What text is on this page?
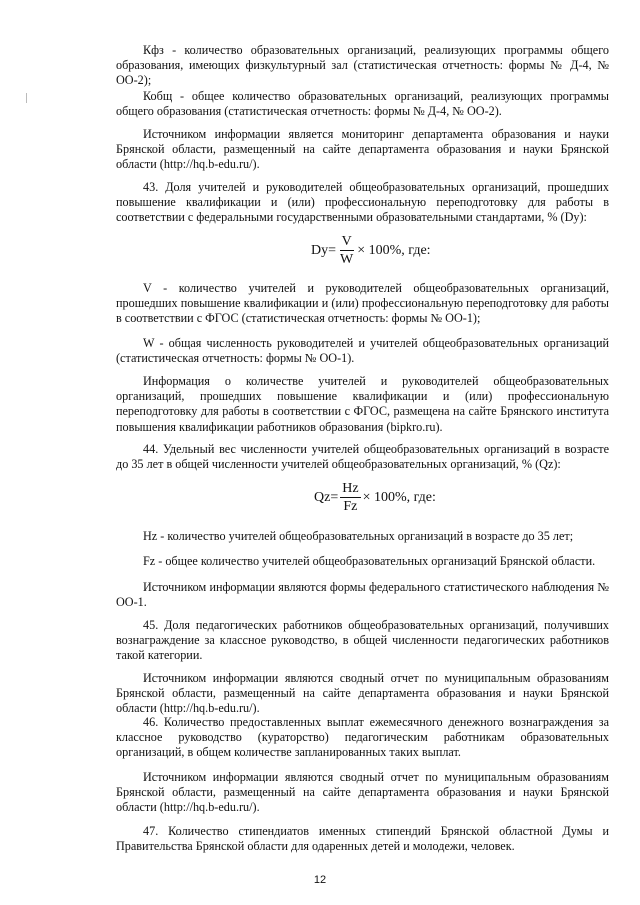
Кфз - количество образовательных организаций, реализующих программы общего образования, имеющих физкультурный зал (статистическая отчетность: формы № Д-4, № ОО-2);

Кобщ - общее количество образовательных организаций, реализующих программы общего образования (статистическая отчетность: формы № Д-4, № ОО-2).

Источником информации является мониторинг департамента образования и науки Брянской области, размещенный на сайте департамента образования и науки Брянской области (http://hq.b-edu.ru/).

43. Доля учителей и руководителей общеобразовательных организаций, прошедших повышение квалификации и (или) профессиональную переподготовку для работы в соответствии с федеральными государственными образовательными стандартами, % (Dy):

$Dy= \frac{V}{W} \times 100\%$, где:

V - количество учителей и руководителей общеобразовательных организаций, прошедших повышение квалификации и (или) профессиональную переподготовку для работы в соответствии с ФГОС (статистическая отчетность: формы № ОО-1);

W - общая численность руководителей и учителей общеобразовательных организаций (статистическая отчетность: формы № ОО-1).

Информация о количестве учителей и руководителей общеобразовательных организаций, прошедших повышение квалификации и (или) профессиональную переподготовку для работы в соответствии с ФГОС, размещена на сайте Брянского института повышения квалификации работников образования (bipkro.ru).

44. Удельный вес численности учителей общеобразовательных организаций в возрасте до 35 лет в общей численности учителей общеобразовательных организаций, % (Qz):

$Qz= \frac{Hz}{Fz} \times 100\%$, где:

Hz - количество учителей общеобразовательных организаций в возрасте до 35 лет;

Fz - общее количество учителей общеобразовательных организаций Брянской области.

Источником информации являются формы федерального статистического наблюдения № ОО-1.

45. Доля педагогических работников общеобразовательных организаций, получивших вознаграждение за классное руководство, в общей численности педагогических работников такой категории.

Источником информации являются сводный отчет по муниципальным образованиям Брянской области, размещенный на сайте департамента образования и науки Брянской области (http://hq.b-edu.ru/).

46. Количество предоставленных выплат ежемесячного денежного вознаграждения за классное руководство (кураторство) педагогическим работникам образовательных организаций, в общем количестве запланированных таких выплат.

Источником информации являются сводный отчет по муниципальным образованиям Брянской области, размещенный на сайте департамента образования и науки Брянской области (http://hq.b-edu.ru/).

47. Количество стипендиатов именных стипендий Брянской областной Думы и Правительства Брянской области для одаренных детей и молодежи, человек.

12
